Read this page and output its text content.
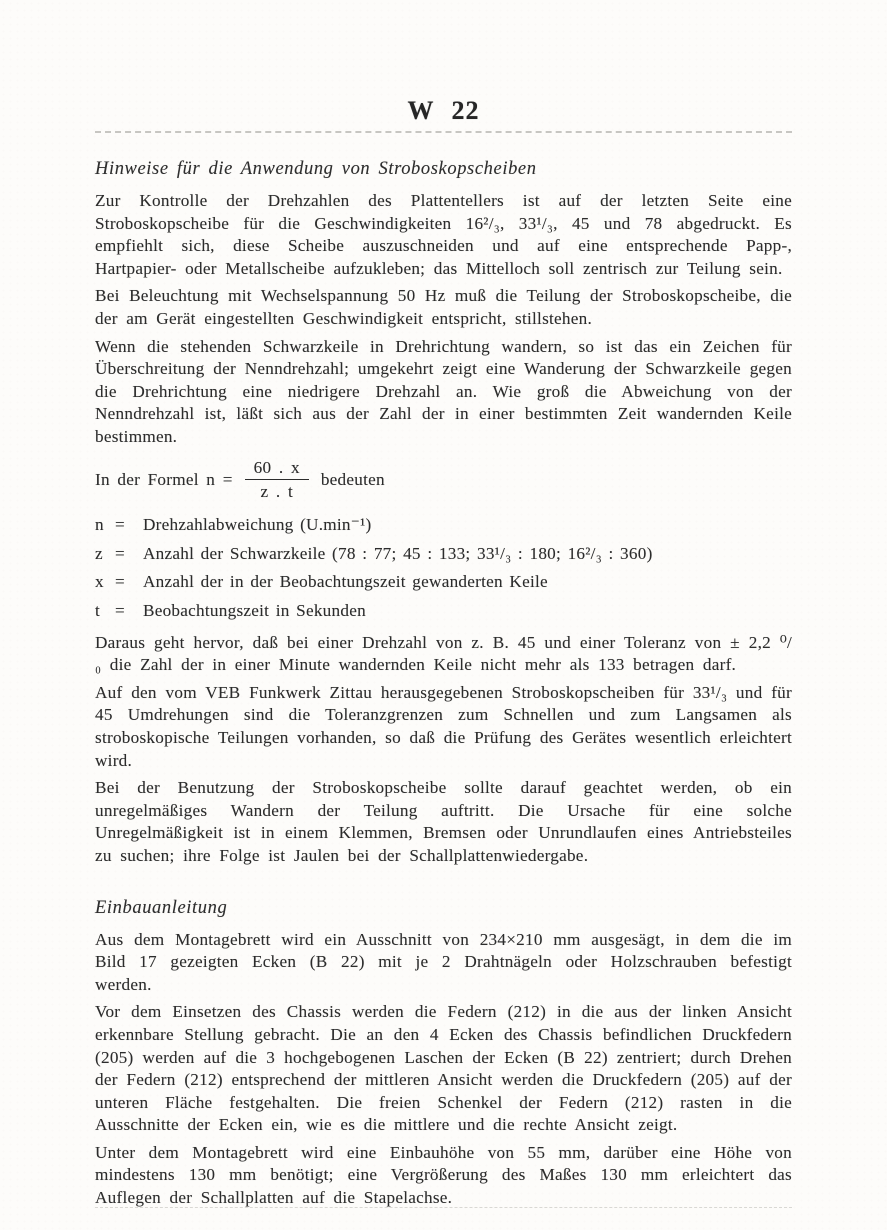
W 22
Hinweise für die Anwendung von Stroboskopscheiben

Zur Kontrolle der Drehzahlen des Plattentellers ist auf der letzten Seite eine Stroboskopscheibe für die Geschwindigkeiten 16²/₃, 33¹/₃, 45 und 78 abgedruckt. Es empfiehlt sich, diese Scheibe auszuschneiden und auf eine entsprechende Papp-, Hartpapier- oder Metallscheibe aufzukleben; das Mittelloch soll zentrisch zur Teilung sein.

Bei Beleuchtung mit Wechselspannung 50 Hz muß die Teilung der Stroboskopscheibe, die der am Gerät eingestellten Geschwindigkeit entspricht, stillstehen.

Wenn die stehenden Schwarzkeile in Drehrichtung wandern, so ist das ein Zeichen für Überschreitung der Nenndrehzahl; umgekehrt zeigt eine Wanderung der Schwarzkeile gegen die Drehrichtung eine niedrigere Drehzahl an. Wie groß die Abweichung von der Nenndrehzahl ist, läßt sich aus der Zahl der in einer bestimmten Zeit wandernden Keile bestimmen.

In der Formel $n = \frac{60 . x}{z . t}$ bedeuten
n =	Drehzahlabweichung (U.min⁻¹)
z =	Anzahl der Schwarzkeile (78 : 77; 45 : 133; 33¹/₃ : 180; 16²/₃ : 360)
x =	Anzahl der in der Beobachtungszeit gewanderten Keile
t =	Beobachtungszeit in Sekunden

Daraus geht hervor, daß bei einer Drehzahl von z. B. 45 und einer Toleranz von ± 2,2 ⁰/₀ die Zahl der in einer Minute wandernden Keile nicht mehr als 133 betragen darf.

Auf den vom VEB Funkwerk Zittau herausgegebenen Stroboskopscheiben für 33¹/₃ und für 45 Umdrehungen sind die Toleranzgrenzen zum Schnellen und zum Langsamen als stroboskopische Teilungen vorhanden, so daß die Prüfung des Gerätes wesentlich erleichtert wird.

Bei der Benutzung der Stroboskopscheibe sollte darauf geachtet werden, ob ein unregelmäßiges Wandern der Teilung auftritt. Die Ursache für eine solche Unregelmäßigkeit ist in einem Klemmen, Bremsen oder Unrundlaufen eines Antriebsteiles zu suchen; ihre Folge ist Jaulen bei der Schallplattenwiedergabe.

Einbauanleitung

Aus dem Montagebrett wird ein Ausschnitt von 234×210 mm ausgesägt, in dem die im Bild 17 gezeigten Ecken (B 22) mit je 2 Drahtnägeln oder Holzschrauben befestigt werden.

Vor dem Einsetzen des Chassis werden die Federn (212) in die aus der linken Ansicht erkennbare Stellung gebracht. Die an den 4 Ecken des Chassis befindlichen Druckfedern (205) werden auf die 3 hochgebogenen Laschen der Ecken (B 22) zentriert; durch Drehen der Federn (212) entsprechend der mittleren Ansicht werden die Druckfedern (205) auf der unteren Fläche festgehalten. Die freien Schenkel der Federn (212) rasten in die Ausschnitte der Ecken ein, wie es die mittlere und die rechte Ansicht zeigt.

Unter dem Montagebrett wird eine Einbauhöhe von 55 mm, darüber eine Höhe von mindestens 130 mm benötigt; eine Vergrößerung des Maßes 130 mm erleichtert das Auflegen der Schallplatten auf die Stapelachse.
